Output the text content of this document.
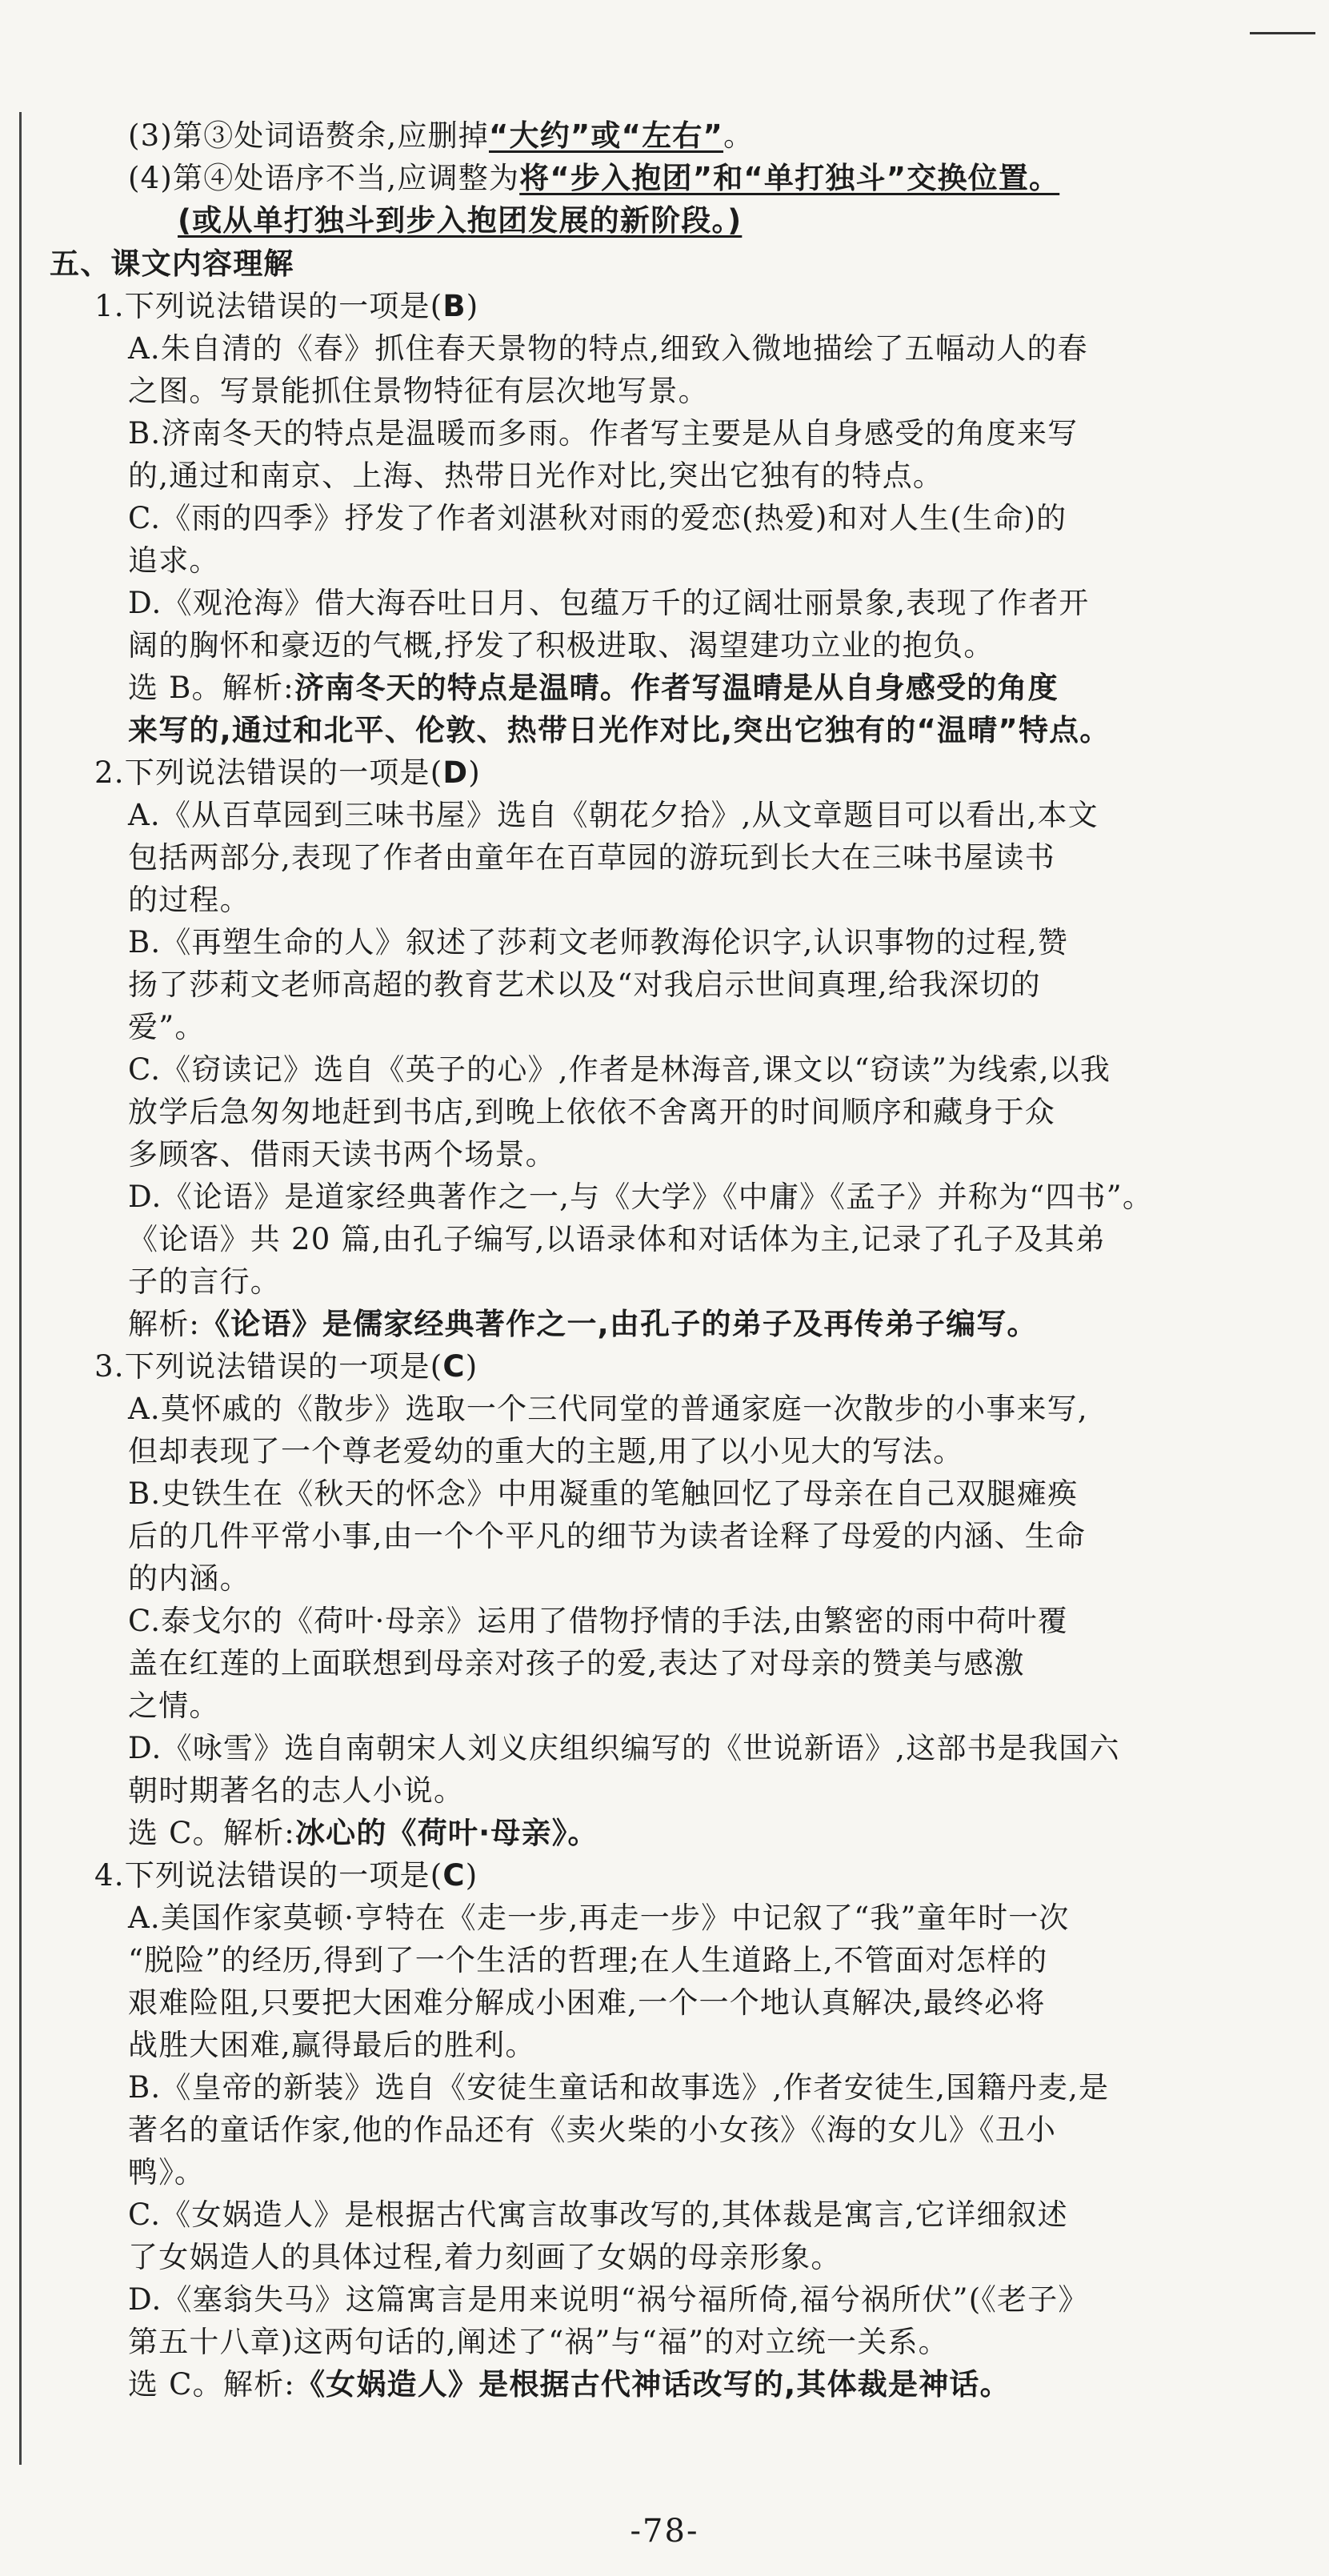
(3)第③处词语赘余,应删掉“大约”或“左右”。
(4)第④处语序不当,应调整为将“步入抱团”和“单打独斗”交换位置。
(或从单打独斗到步入抱团发展的新阶段。)
五、课文内容理解
1.下列说法错误的一项是(B)
A.朱自清的《春》抓住春天景物的特点,细致入微地描绘了五幅动人的春
之图。写景能抓住景物特征有层次地写景。
B.济南冬天的特点是温暖而多雨。作者写主要是从自身感受的角度来写
的,通过和南京、上海、热带日光作对比,突出它独有的特点。
C.《雨的四季》抒发了作者刘湛秋对雨的爱恋(热爱)和对人生(生命)的
追求。
D.《观沧海》借大海吞吐日月、包蕴万千的辽阔壮丽景象,表现了作者开
阔的胸怀和豪迈的气概,抒发了积极进取、渴望建功立业的抱负。
选 B。解析:济南冬天的特点是温晴。作者写温晴是从自身感受的角度
来写的,通过和北平、伦敦、热带日光作对比,突出它独有的“温晴”特点。
2.下列说法错误的一项是(D)
A.《从百草园到三味书屋》选自《朝花夕拾》,从文章题目可以看出,本文
包括两部分,表现了作者由童年在百草园的游玩到长大在三味书屋读书
的过程。
B.《再塑生命的人》叙述了莎莉文老师教海伦识字,认识事物的过程,赞
扬了莎莉文老师高超的教育艺术以及“对我启示世间真理,给我深切的
爱”。
C.《窃读记》选自《英子的心》,作者是林海音,课文以“窃读”为线索,以我
放学后急匆匆地赶到书店,到晚上依依不舍离开的时间顺序和藏身于众
多顾客、借雨天读书两个场景。
D.《论语》是道家经典著作之一,与《大学》《中庸》《孟子》并称为“四书”。
《论语》共 20 篇,由孔子编写,以语录体和对话体为主,记录了孔子及其弟
子的言行。
解析:《论语》是儒家经典著作之一,由孔子的弟子及再传弟子编写。
3.下列说法错误的一项是(C)
A.莫怀戚的《散步》选取一个三代同堂的普通家庭一次散步的小事来写,
但却表现了一个尊老爱幼的重大的主题,用了以小见大的写法。
B.史铁生在《秋天的怀念》中用凝重的笔触回忆了母亲在自己双腿瘫痪
后的几件平常小事,由一个个平凡的细节为读者诠释了母爱的内涵、生命
的内涵。
C.泰戈尔的《荷叶·母亲》运用了借物抒情的手法,由繁密的雨中荷叶覆
盖在红莲的上面联想到母亲对孩子的爱,表达了对母亲的赞美与感激
之情。
D.《咏雪》选自南朝宋人刘义庆组织编写的《世说新语》,这部书是我国六
朝时期著名的志人小说。
选 C。解析:冰心的《荷叶·母亲》。
4.下列说法错误的一项是(C)
A.美国作家莫顿·亨特在《走一步,再走一步》中记叙了“我”童年时一次
“脱险”的经历,得到了一个生活的哲理;在人生道路上,不管面对怎样的
艰难险阻,只要把大困难分解成小困难,一个一个地认真解决,最终必将
战胜大困难,赢得最后的胜利。
B.《皇帝的新装》选自《安徒生童话和故事选》,作者安徒生,国籍丹麦,是
著名的童话作家,他的作品还有《卖火柴的小女孩》《海的女儿》《丑小
鸭》。
C.《女娲造人》是根据古代寓言故事改写的,其体裁是寓言,它详细叙述
了女娲造人的具体过程,着力刻画了女娲的母亲形象。
D.《塞翁失马》这篇寓言是用来说明“祸兮福所倚,福兮祸所伏”(《老子》
第五十八章)这两句话的,阐述了“祸”与“福”的对立统一关系。
选 C。解析:《女娲造人》是根据古代神话改写的,其体裁是神话。
-78-
